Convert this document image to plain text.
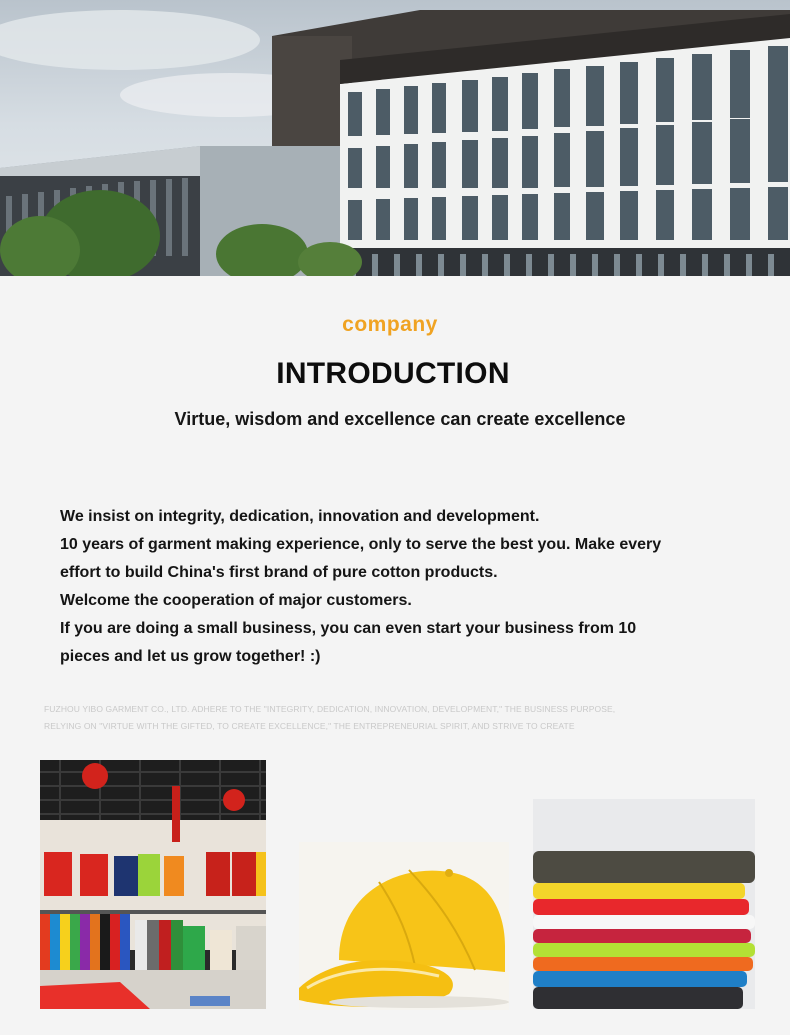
company
INTRODUCTION
Virtue, wisdom and excellence can create excellence

We insist on integrity, dedication, innovation and development.

10 years of garment making experience, only to serve the best you. Make every

effort to build China's first brand of pure cotton products.

Welcome the cooperation of major customers.

If you are doing a small business, you can even start your business from 10

pieces and let us grow together! :)

FUZHOU YIBO GARMENT CO., LTD. ADHERE TO THE "INTEGRITY, DEDICATION, INNOVATION, DEVELOPMENT," THE BUSINESS PURPOSE,

RELYING ON "VIRTUE WITH THE GIFTED, TO CREATE EXCELLENCE," THE ENTREPRENEURIAL SPIRIT, AND STRIVE TO CREATE
